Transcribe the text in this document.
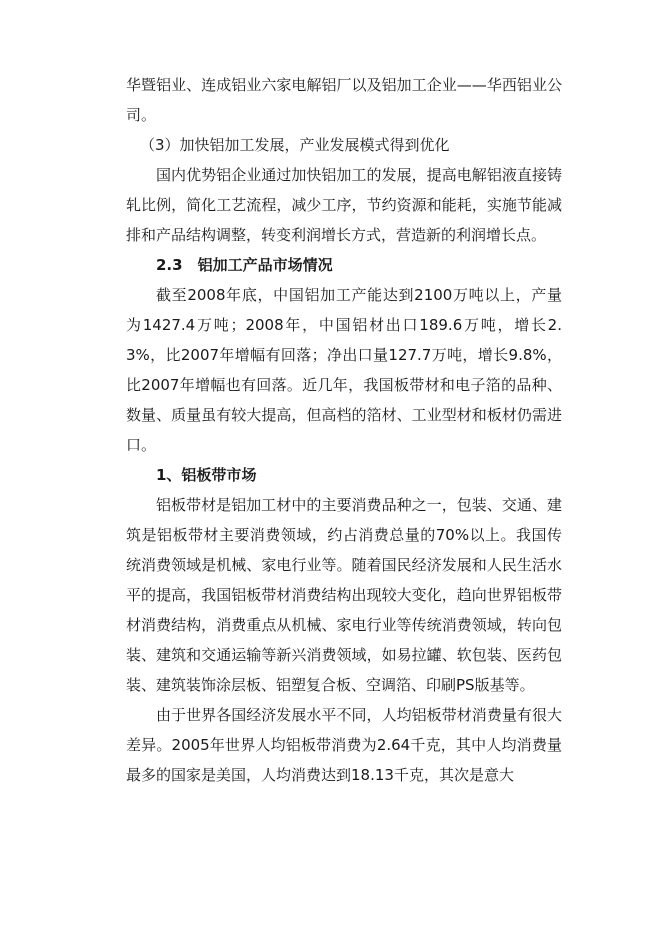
华暨铝业、连成铝业六家电解铝厂以及铝加工企业——华西铝业公司。

（3）加快铝加工发展，产业发展模式得到优化

国内优势铝企业通过加快铝加工的发展，提高电解铝液直接铸轧比例，简化工艺流程，减少工序，节约资源和能耗，实施节能减排和产品结构调整，转变利润增长方式，营造新的利润增长点。

2.3　铝加工产品市场情况

截至2008年底，中国铝加工产能达到2100万吨以上，产量为1427.4万吨；2008年，中国铝材出口189.6万吨，增长2.3%，比2007年增幅有回落；净出口量127.7万吨，增长9.8%，比2007年增幅也有回落。近几年，我国板带材和电子箔的品种、数量、质量虽有较大提高，但高档的箔材、工业型材和板材仍需进口。

1、铝板带市场

铝板带材是铝加工材中的主要消费品种之一，包装、交通、建筑是铝板带材主要消费领域，约占消费总量的70%以上。我国传统消费领域是机械、家电行业等。随着国民经济发展和人民生活水平的提高，我国铝板带材消费结构出现较大变化，趋向世界铝板带材消费结构，消费重点从机械、家电行业等传统消费领域，转向包装、建筑和交通运输等新兴消费领域，如易拉罐、软包装、医药包装、建筑装饰涂层板、铝塑复合板、空调箔、印刷PS版基等。

由于世界各国经济发展水平不同，人均铝板带材消费量有很大差异。2005年世界人均铝板带消费为2.64千克，其中人均消费量最多的国家是美国，人均消费达到18.13千克，其次是意大
